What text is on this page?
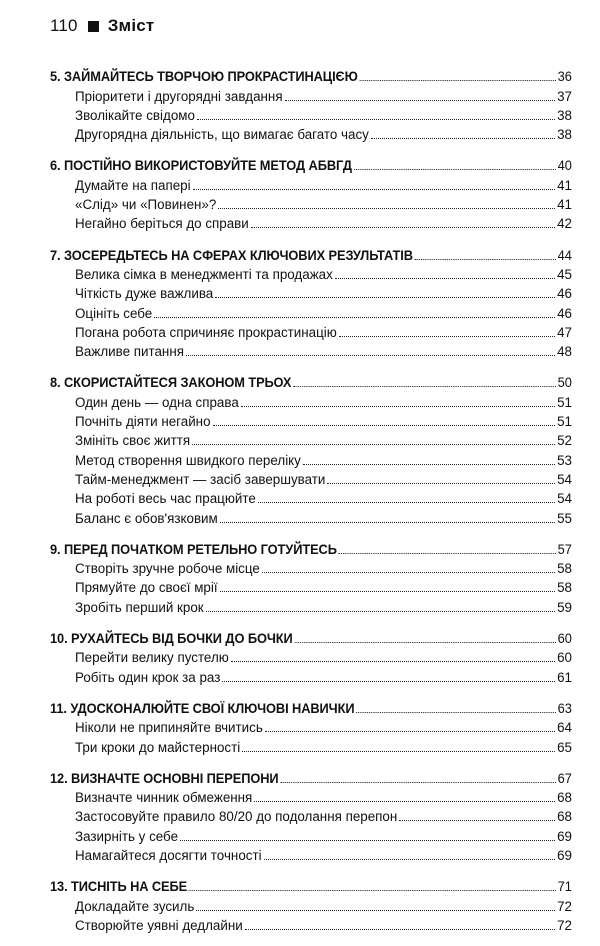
110 Зміст
5. ЗАЙМАЙТЕСЬ ТВОРЧОЮ ПРОКРАСТИНАЦІЄЮ	36
Пріоритети і другорядні завдання	37
Зволікайте свідомо	38
Другорядна діяльність, що вимагає багато часу	38
6. ПОСТІЙНО ВИКОРИСТОВУЙТЕ МЕТОД АБВГД	40
Думайте на папері	41
«Слід» чи «Повинен»?	41
Негайно беріться до справи	42
7. ЗОСЕРЕДЬТЕСЬ НА СФЕРАХ КЛЮЧОВИХ РЕЗУЛЬТАТІВ	44
Велика сімка в менеджменті та продажах	45
Чіткість дуже важлива	46
Оцініть себе	46
Погана робота спричиняє прокрастинацію	47
Важливе питання	48
8. СКОРИСТАЙТЕСЯ ЗАКОНОМ ТРЬОХ	50
Один день — одна справа	51
Почніть діяти негайно	51
Змініть своє життя	52
Метод створення швидкого переліку	53
Тайм-менеджмент — засіб завершувати	54
На роботі весь час працюйте	54
Баланс є обов'язковим	55
9. ПЕРЕД ПОЧАТКОМ РЕТЕЛЬНО ГОТУЙТЕСЬ	57
Створіть зручне робоче місце	58
Прямуйте до своєї мрії	58
Зробіть перший крок	59
10. РУХАЙТЕСЬ ВІД БОЧКИ ДО БОЧКИ	60
Перейти велику пустелю	60
Робіть один крок за раз	61
11. УДОСКОНАЛЮЙТЕ СВОЇ КЛЮЧОВІ НАВИЧКИ	63
Ніколи не припиняйте вчитись	64
Три кроки до майстерності	65
12. ВИЗНАЧТЕ ОСНОВНІ ПЕРЕПОНИ	67
Визначте чинник обмеження	68
Застосовуйте правило 80/20 до подолання перепон	68
Зазирніть у себе	69
Намагайтеся досягти точності	69
13. ТИСНІТЬ НА СЕБЕ	71
Докладайте зусиль	72
Створюйте уявні дедлайни	72
